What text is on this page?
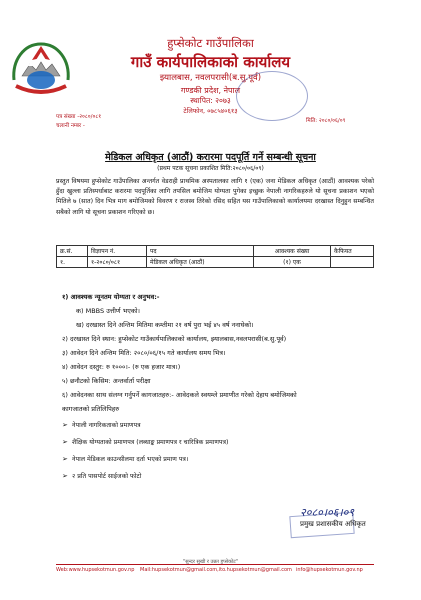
हुप्सेकोट गाउँपालिका
गाउँ कार्यपालिकाको कार्यालय
झ्यालबास, नवलपरासी(ब.सु.पूर्व)
गण्डकी प्रदेश, नेपाल
स्थापित: २०७३
टेलिफोन, ०७८५४०६१३
पत्र संख्या -२०८०/०८१
चलानी नम्बर -
मिति: २०८०/०६/०९
मेडिकल अधिकृत (आठौं) करारमा पदपूर्ति गर्ने सम्बन्धी सूचना
(प्रथम पटक सूचना प्रकाशित मिति:२०८०/०६/०९)
प्रस्तुत विषयमा हुप्सेकोट गाउँपालिका अन्तर्गत वेडराही प्राथमिक अस्पतालका लागि १ (एक) जना मेडिकल अधिकृत (आठौं) आवश्यक परेको हुँदा खुल्ला प्रतिस्पर्धाबाट करारमा पदपूर्तिका लागि तपसिल बमोजिम योग्यता पुगेका इच्छुक नेपाली नागरिकहरुले यो सूचना प्रकाशन भएको मितिले ७ (सात) दिन भित्र माग बमोजिमको विवरण र राजस्व तिरेको रसिद सहित यस गाउँपालिकाको कार्यालयमा दरखास्त दिनुहुन सम्बन्धित सबैको लागि यो सूचना प्रकाशन गरिएको छ।
क्र.सं.	विज्ञापन नं.	पद	आवश्यक संख्या	कैफियत
१.	१-२०८०/०८१	मेडिकल अधिकृत (आठौं)	(१) एक	
१) आवश्यक न्यूनतम योग्यता र अनुभव:-
क) MBBS उत्तीर्ण भएको।
ख) दरखास्त दिने अन्तिम मितिमा कम्तीमा २१ वर्ष पुरा भई ४५ वर्ष ननाघेको।
२) दरखास्त दिने स्थान: हुप्सेकोट गाउँकार्यपालिकाको कार्यालय, झ्यालबास,नवलपरासी(ब.सु.पूर्व)
३) आवेदन दिने अन्तिम मिति: २०८०/०६/१५ गते कार्यालय समय भित्र।
४) आवेदन दस्तुर: रु १०००।- (रु एक हजार मात्र।)
५) छनौटको किसिम: अन्तर्वार्ता परीक्षा
६) आवेदनका साथ संलग्न गर्नुपर्ने कागजातहरु:- आवेदकले स्वयम्ले प्रमाणीत गरेको देहाय बमोजिमको
कागजातको प्रतिलिपिहरु
➢ नेपाली नागरिकताको प्रमाणपत्र
➢ शैक्षिक योग्यताको प्रमाणपत्र (लब्धाङ्क प्रमाणपत्र र चारित्रिक प्रमाणपत्र)
➢ नेपाल मेडिकल काउन्सीलमा दर्ता भएको प्रमाण पत्र।
➢ २ प्रति पासपोर्ट साईजको फोटो
२०८०।०६।०९
प्रमुख प्रशासकीय अधिकृत
"सुन्दर सुखी र उन्नत हुप्सेकोट"
Web:www.hupsekotmun.gov.np Mail:hupsekotmun@gmail.com,ito.hupsekotmun@gmail.com info@hupsekotmun.gov.np
